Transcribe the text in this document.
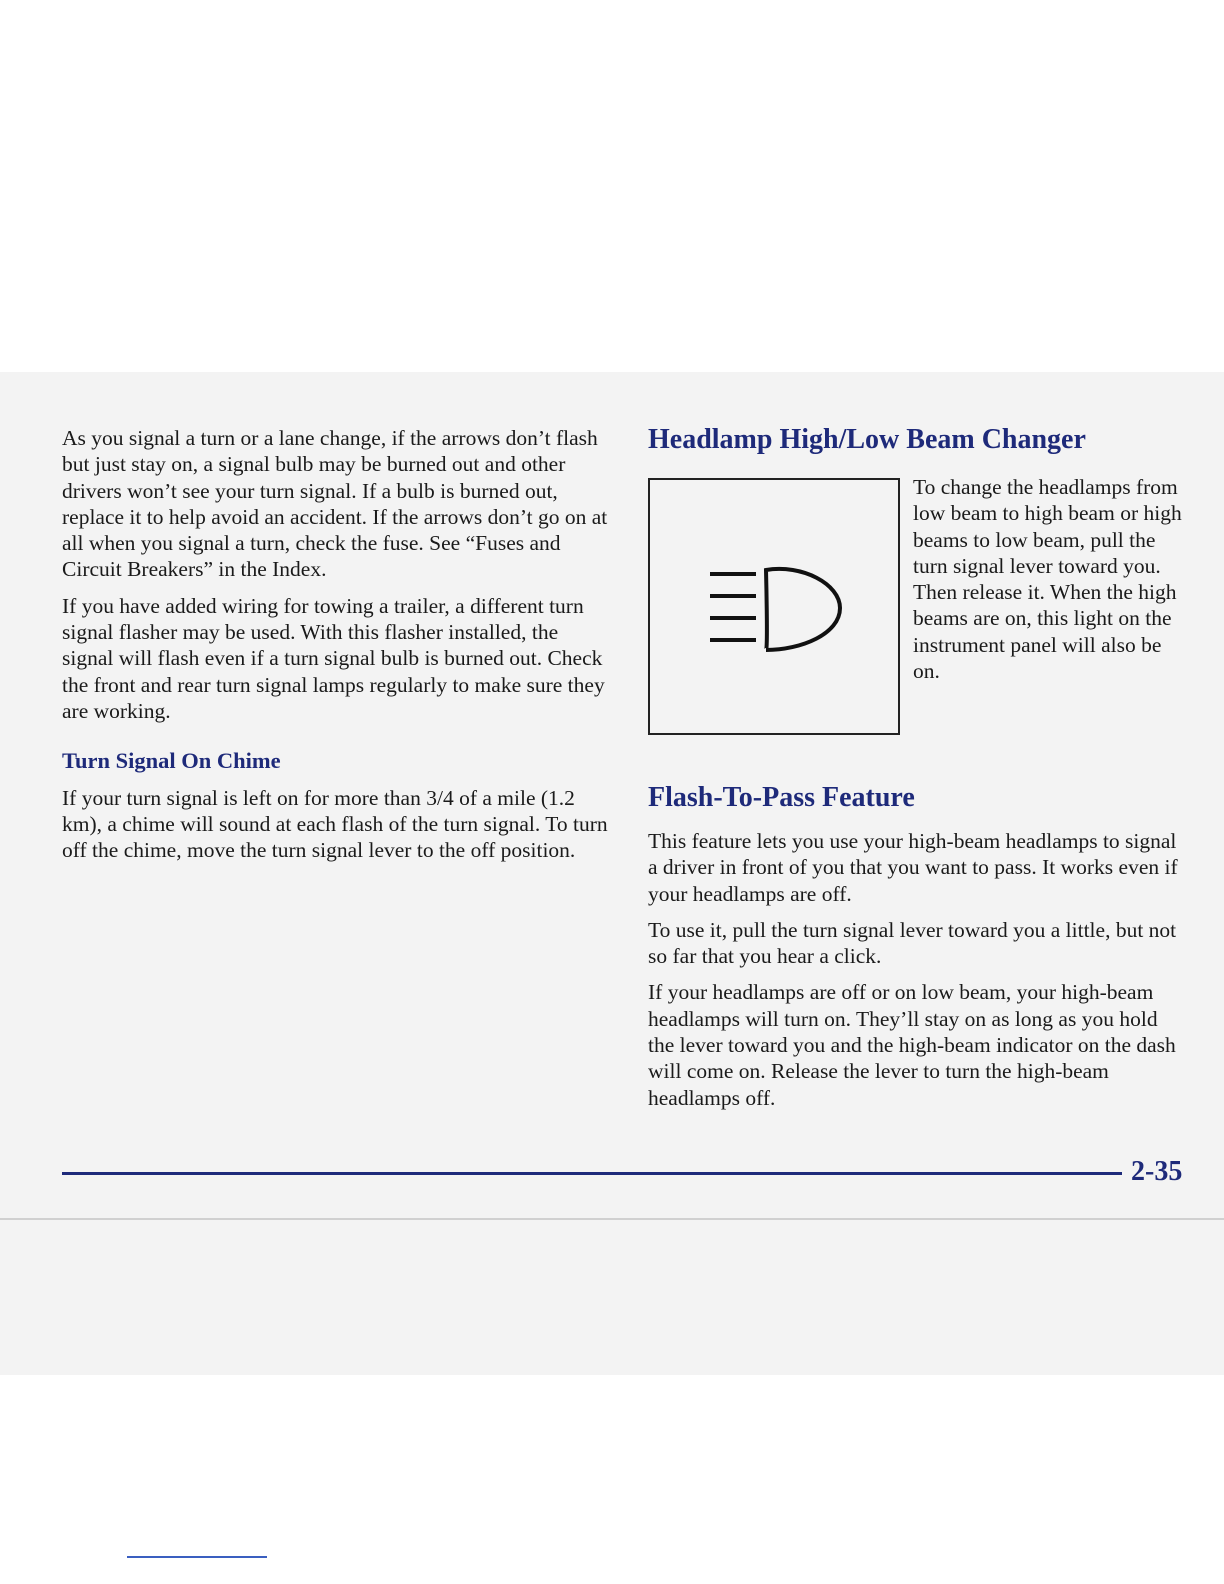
As you signal a turn or a lane change, if the arrows don’t flash but just stay on, a signal bulb may be burned out and other drivers won’t see your turn signal. If a bulb is burned out, replace it to help avoid an accident. If the arrows don’t go on at all when you signal a turn, check the fuse. See “Fuses and Circuit Breakers” in the Index.

If you have added wiring for towing a trailer, a different turn signal flasher may be used. With this flasher installed, the signal will flash even if a turn signal bulb is burned out. Check the front and rear turn signal lamps regularly to make sure they are working.

Turn Signal On Chime

If your turn signal is left on for more than 3/4 of a mile (1.2 km), a chime will sound at each flash of the turn signal. To turn off the chime, move the turn signal lever to the off position.

Headlamp High/Low Beam Changer
To change the headlamps from low beam to high beam or high beams to low beam, pull the turn signal lever toward you. Then release it. When the high beams are on, this light on the instrument panel will also be on.
Flash-To-Pass Feature

This feature lets you use your high-beam headlamps to signal a driver in front of you that you want to pass. It works even if your headlamps are off.

To use it, pull the turn signal lever toward you a little, but not so far that you hear a click.

If your headlamps are off or on low beam, your high-beam headlamps will turn on. They’ll stay on as long as you hold the lever toward you and the high-beam indicator on the dash will come on. Release the lever to turn the high-beam headlamps off.

2-35
